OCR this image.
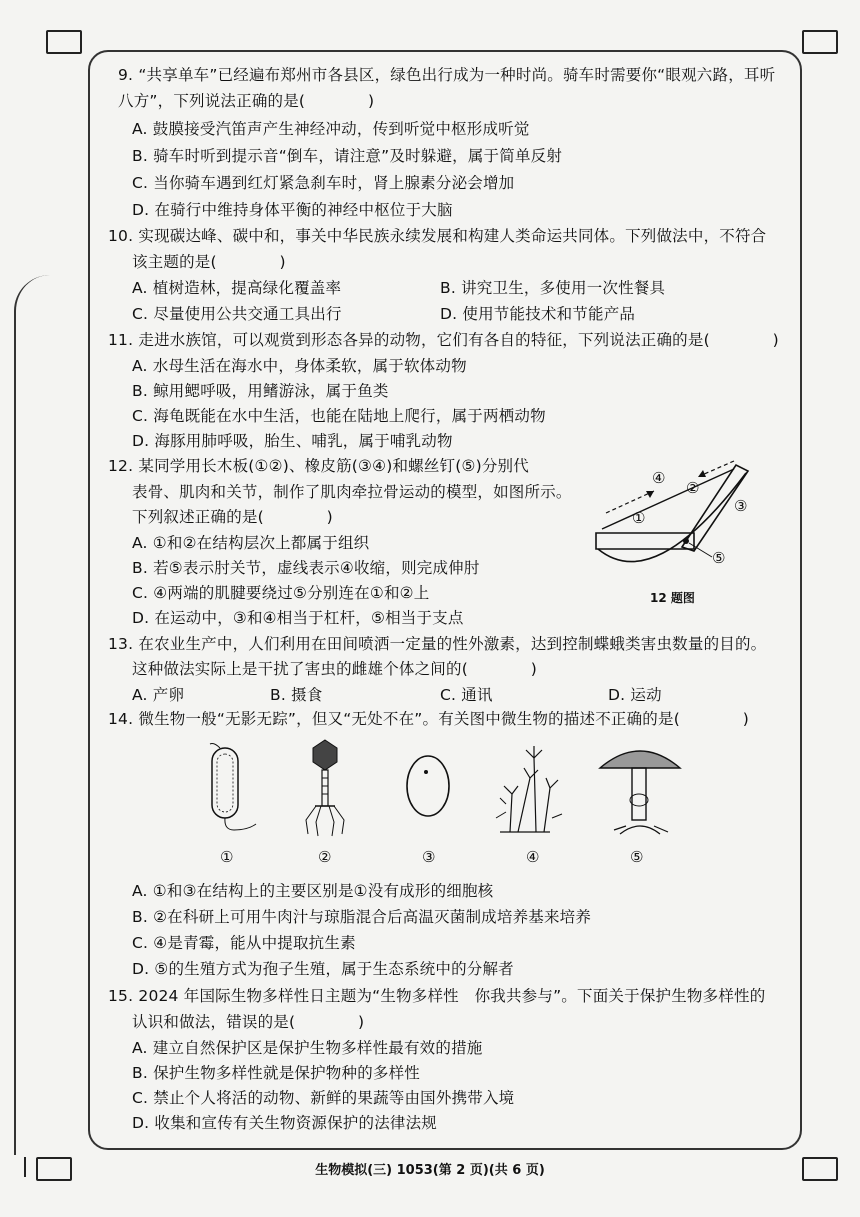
9. “共享单车”已经遍布郑州市各县区，绿色出行成为一种时尚。骑车时需要你“眼观六路，耳听
八方”，下列说法正确的是(　　　　)
A. 鼓膜接受汽笛声产生神经冲动，传到听觉中枢形成听觉
B. 骑车时听到提示音“倒车，请注意”及时躲避，属于简单反射
C. 当你骑车遇到红灯紧急刹车时，肾上腺素分泌会增加
D. 在骑行中维持身体平衡的神经中枢位于大脑
10. 实现碳达峰、碳中和，事关中华民族永续发展和构建人类命运共同体。下列做法中，不符合
该主题的是(　　　　)
A. 植树造林，提高绿化覆盖率	B. 讲究卫生，多使用一次性餐具
C. 尽量使用公共交通工具出行	D. 使用节能技术和节能产品
11. 走进水族馆，可以观赏到形态各异的动物，它们有各自的特征，下列说法正确的是(　　　　)
A. 水母生活在海水中，身体柔软，属于软体动物
B. 鲸用鳃呼吸，用鳍游泳，属于鱼类
C. 海龟既能在水中生活，也能在陆地上爬行，属于两栖动物
D. 海豚用肺呼吸，胎生、哺乳，属于哺乳动物
12. 某同学用长木板(①②)、橡皮筋(③④)和螺丝钉(⑤)分别代
表骨、肌肉和关节，制作了肌肉牵拉骨运动的模型，如图所示。
下列叙述正确的是(　　　　)
A. ①和②在结构层次上都属于组织
B. 若⑤表示肘关节，虚线表示④收缩，则完成伸肘
C. ④两端的肌腱要绕过⑤分别连在①和②上
D. 在运动中，③和④相当于杠杆，⑤相当于支点
13. 在农业生产中，人们利用在田间喷洒一定量的性外激素，达到控制蝶蛾类害虫数量的目的。
这种做法实际上是干扰了害虫的雌雄个体之间的(　　　　)
A. 产卵	B. 摄食	C. 通讯	D. 运动
14. 微生物一般“无影无踪”，但又“无处不在”。有关图中微生物的描述不正确的是(　　　　)
A. ①和③在结构上的主要区别是①没有成形的细胞核
B. ②在科研上可用牛肉汁与琼脂混合后高温灭菌制成培养基来培养
C. ④是青霉，能从中提取抗生素
D. ⑤的生殖方式为孢子生殖，属于生态系统中的分解者
15. 2024 年国际生物多样性日主题为“生物多样性　你我共参与”。下面关于保护生物多样性的
认识和做法，错误的是(　　　　)
A. 建立自然保护区是保护生物多样性最有效的措施
B. 保护生物多样性就是保护物种的多样性
C. 禁止个人将活的动物、新鲜的果蔬等由国外携带入境
D. 收集和宣传有关生物资源保护的法律法规
①
②
③
④
⑤
12 题图
①	②	③	④	⑤
生物模拟(三) 1053(第 2 页)(共 6 页)
